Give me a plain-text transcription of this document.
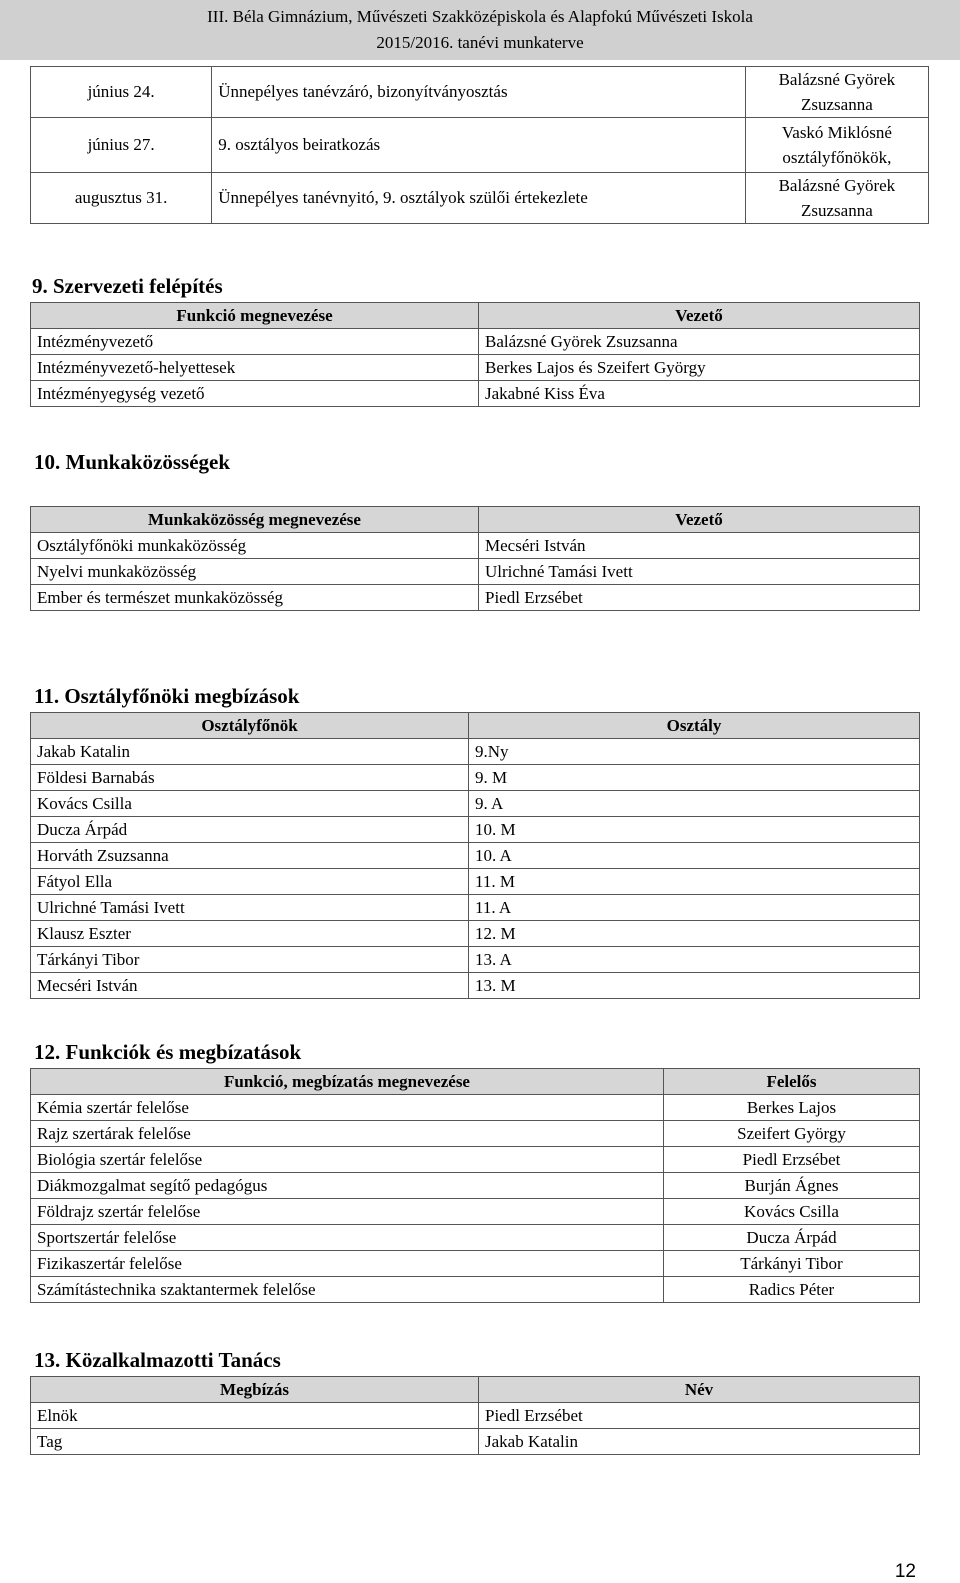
III. Béla Gimnázium, Művészeti Szakközépiskola és Alapfokú Művészeti Iskola
2015/2016. tanévi munkaterve
június 24.	Ünnepélyes tanévzáró, bizonyítványosztás	Balázsné Györek
Zsuzsanna

június 27.	9. osztályos beiratkozás	Vaskó Miklósné
osztályfőnökök,

augusztus 31.	Ünnepélyes tanévnyitó, 9. osztályok szülői értekezlete	Balázsné Györek
Zsuzsanna
9. Szervezeti felépítés
Funkció megnevezése	Vezető
Intézményvezető	Balázsné Györek Zsuzsanna
Intézményvezető-helyettesek	Berkes Lajos és Szeifert György
Intézményegység vezető	Jakabné Kiss Éva
10. Munkaközösségek
Munkaközösség megnevezése	Vezető
Osztályfőnöki munkaközösség	Mecséri István
Nyelvi munkaközösség	Ulrichné Tamási Ivett
Ember és természet munkaközösség	Piedl Erzsébet
11. Osztályfőnöki megbízások
Osztályfőnök	Osztály
Jakab Katalin	9.Ny
Földesi Barnabás	9. M
Kovács Csilla	9. A
Ducza Árpád	10. M
Horváth Zsuzsanna	10. A
Fátyol Ella	11. M
Ulrichné Tamási Ivett	11. A
Klausz Eszter	12. M
Tárkányi Tibor	13. A
Mecséri István	13. M
12. Funkciók és megbízatások
Funkció, megbízatás megnevezése	Felelős
Kémia szertár felelőse	Berkes Lajos
Rajz szertárak felelőse	Szeifert György
Biológia szertár felelőse	Piedl Erzsébet
Diákmozgalmat segítő pedagógus	Burján Ágnes
Földrajz szertár felelőse	Kovács Csilla
Sportszertár felelőse	Ducza Árpád
Fizikaszertár felelőse	Tárkányi Tibor
Számítástechnika szaktantermek felelőse	Radics Péter
13. Közalkalmazotti Tanács
Megbízás	Név
Elnök	Piedl Erzsébet
Tag	Jakab Katalin
12
